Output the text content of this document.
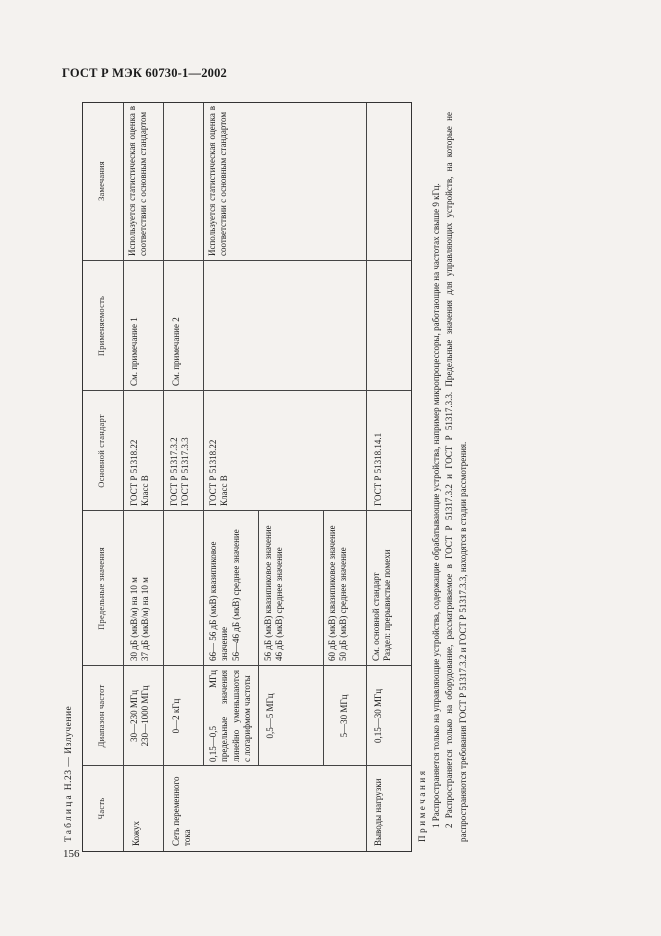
ГОСТ Р МЭК 60730-1—2002
Таблица Н.23 — Излучение
Часть
Диапазон частот
Предельные значения
Основной стандарт
Применяемость
Замечания
Кожух
30—230 МГц
230—1000 МГц
30 дБ (мкВ/м) на 10 м
37 дБ (мкВ/м) на 10 м
ГОСТ Р 51318.22
Класс В
См. примечание 1
Используется статистическая оценка в соответствии с основным стандартом
Сеть переменного тока
0—2 кГц
ГОСТ Р 51317.3.2
ГОСТ Р 51317.3.3
См. примечание 2
0,15—0,5 МГц предельные значения линейно уменьшаются с логарифмом частоты
66— 56 дБ (мкВ) квазипиковое значение
56—46 дБ (мкВ) среднее значение
ГОСТ Р 51318.22
Класс В
Используется статистическая оценка в соответствии с основным стандартом
0,5—5 МГц
56 дБ (мкВ) квазипиковое значение
46 дБ (мкВ) среднее значение
5—30 МГц
60 дБ (мкВ) квазипиковое значение
50 дБ (мкВ) среднее значение
Выводы нагрузки
0,15—30 МГц
См. основной стандарт
Раздел: прерывистые помехи
ГОСТ Р 51318.14.1
Примечания 1 Распространяется только на управляющие устройства, содержащие обрабатывающие устройства, например микропроцессоры, работающие на частотах свыше 9 кГц. 2 Распространяется только на оборудование, рассматриваемое в ГОСТ Р 51317.3.2 и ГОСТ Р 51317.3.3. Предельные значения для управляющих устройств, на которые не распространяются требования ГОСТ Р 51317.3.2 и ГОСТ Р 51317.3.3, находятся в стадии рассмотрения.

156
